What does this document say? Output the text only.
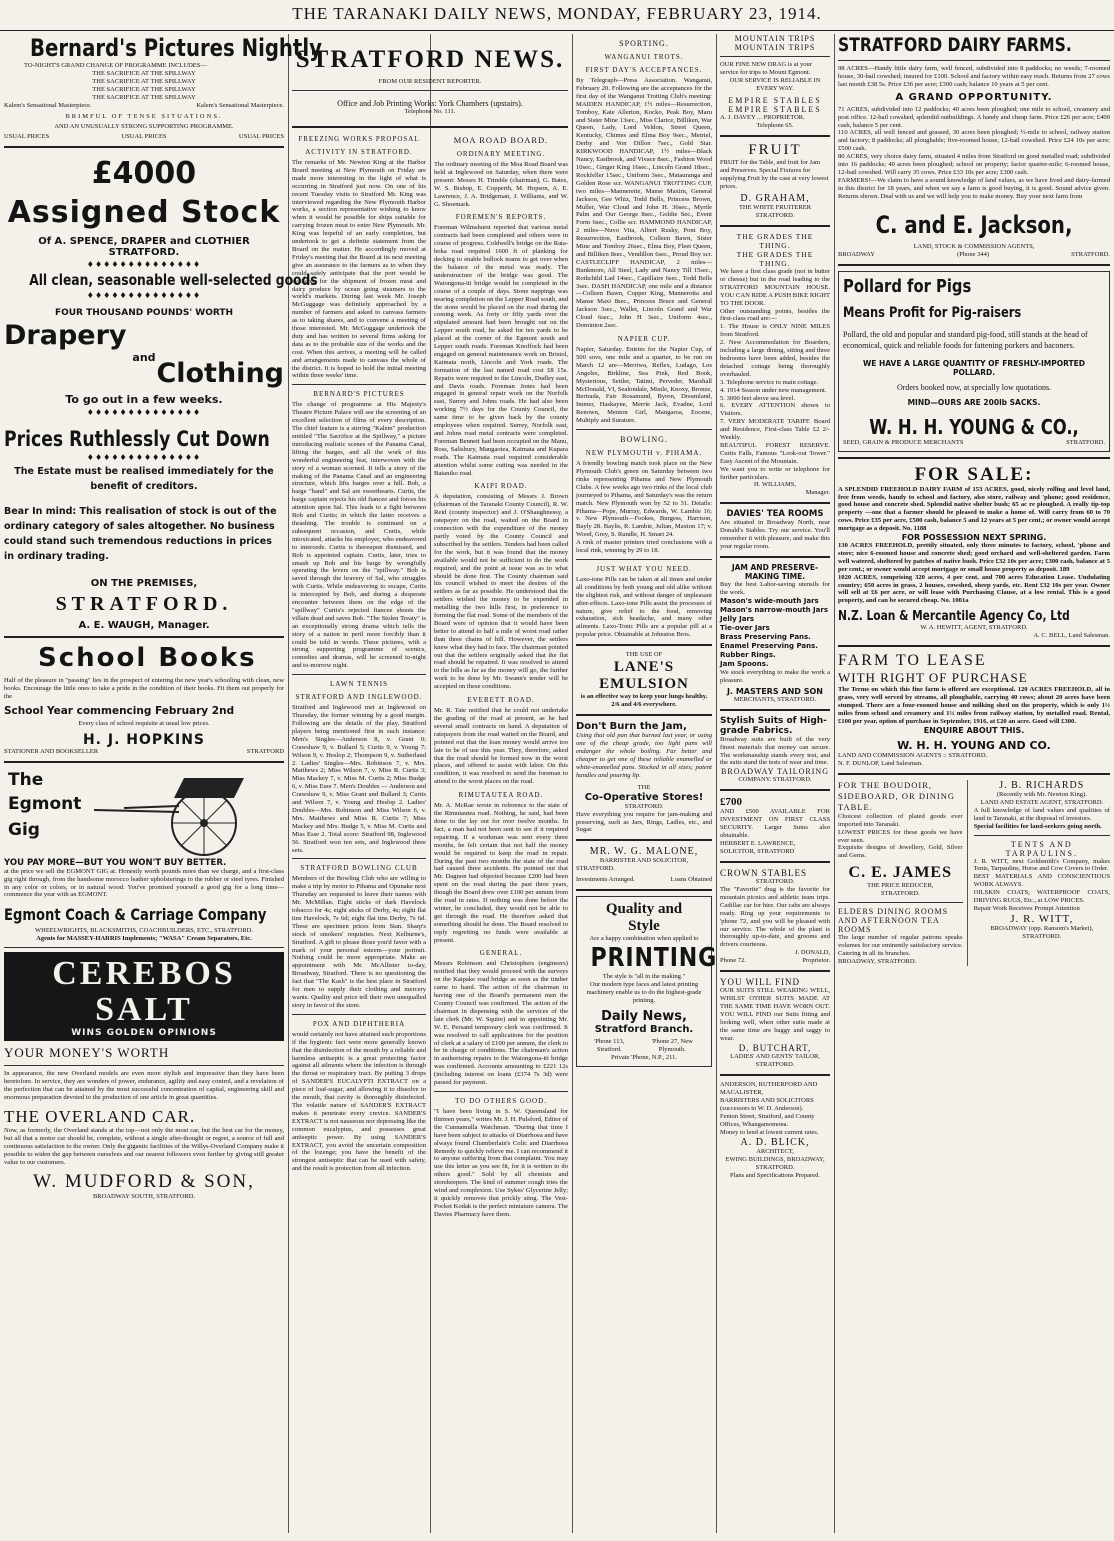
THE TARANAKI DAILY NEWS, MONDAY, FEBRUARY 23, 1914.
Bernard's Pictures Nightly
TO-NIGHT'S GRAND CHANGE OF PROGRAMME INCLUDES—
THE SACRIFICE AT THE SPILLWAY
THE SACRIFICE AT THE SPILLWAY
THE SACRIFICE AT THE SPILLWAY
THE SACRIFICE AT THE SPILLWAY
Kalem's Sensational Masterpiece.	Kalem's Sensational Masterpiece.
BRIMFUL OF TENSE SITUATIONS.
AND AN UNUSUALLY STRONG SUPPORTING PROGRAMME.
USUAL PRICES	USUAL PRICES	USUAL PRICES
£4000
Assigned Stock
Of A. SPENCE, DRAPER and CLOTHIER
STRATFORD.
♦♦♦♦♦♦♦♦♦♦♦♦♦♦
All clean, seasonable well-selected goods
♦♦♦♦♦♦♦♦♦♦♦♦♦♦
FOUR THOUSAND POUNDS' WORTH
Drapery
and
Clothing
To go out in a few weeks.
♦♦♦♦♦♦♦♦♦♦♦♦♦♦
Prices Ruthlessly Cut Down
♦♦♦♦♦♦♦♦♦♦♦♦♦♦
The Estate must be realised immediately for the benefit of creditors.
Bear In mind: This realisation of stock is out of the ordinary category of sales altogether. No business could stand such tremendous reductions in prices in ordinary trading.
ON THE PREMISES,
STRATFORD.
A. E. WAUGH, Manager.
School Books
Half of the pleasure in "passing" lies in the prospect of entering the new year's schooling with clean, new books. Encourage the little ones to take a pride in the condition of their books. Fit them out properly for the
School Year commencing February 2nd
Every class of school requisite at usual low prices.
H. J. HOPKINS
STATIONER AND BOOKSELLER	STRATFORD
The
Egmont
Gig
YOU PAY MORE—BUT YOU WON'T BUY BETTER.
at the price we sell the EGMONT GIG at. Honestly worth pounds more than we charge, and a first-class gig right through, from the handsome morocco leather upholsterings to the rubber or steel tyres. Finished in any color or colors, or in natural wood. You've promised yourself a good gig for a long time—commence the year with an EGMONT.
Egmont Coach & Carriage Company
WHEELWRIGHTS, BLACKSMITHS, COACHBUILDERS, ETC., STRATFORD.
Agents for MASSEY-HARRIS Implements; "WASA" Cream Separators, Etc.
CEREBOS SALT
WINS GOLDEN OPINIONS
YOUR MONEY'S WORTH
In appearance, the new Overland models are even more stylish and impressive than they have been heretofore. In service, they are wonders of power, endurance, agility and easy control, and a revelation of the perfection that can be attained by the most successful concentration of capital, engineering skill and enormous preparation devoted to the production of one article in great quantities.
THE OVERLAND CAR.
Now, as formerly, the Overland stands at the top—not only the most car, but the best car for the money, but all that a motor car should be, complete, without a single after-thought or regret, a source of full and continuous satisfaction to the owner. Only the gigantic facilities of the Willys-Overland Company make it possible to widen the gap between ourselves and our nearest followers even further by giving still greater value to our customers.
W. MUDFORD & SON,
BROADWAY SOUTH, STRATFORD.
STRATFORD NEWS.
FROM OUR RESIDENT REPORTER.
Office and Job Printing Works: York Chambers (upstairs).
Telephone No. 111.
FREEZING WORKS PROPOSAL
ACTIVITY IN STRATFORD.
The remarks of Mr. Newton King at the Harbor Board meeting at New Plymouth on Friday are made more interesting in the light of what is occurring in Stratford just now. On one of his recent Tuesday visits to Stratford Mr. King was interviewed regarding the New Plymouth Harbor works, a section representative wishing to know when it would be possible for ships suitable for carrying frozen meat to enter New Plymouth. Mr. King was hopeful of an early completion, but undertook to get a definite statement from the Board on the matter. He accordingly moved at Friday's meeting that the Board at its next meeting give an assurance to the farmers as to when they could safely anticipate that the port would be available for the shipment of frozen meat and dairy produce by ocean going steamers to the world's markets. During last week Mr. Joseph McGuggage was definitely approached by a number of farmers and asked to canvass farmers as to taking shares, and to convene a meeting of those interested. Mr. McGuggage undertook the duty and has written to several firms asking for data as to the probable size of the works and the cost. When this arrives, a meeting will be called and arrangements made to canvass the whole of the district. It is hoped to hold the initial meeting within three weeks' time.
BERNARD'S PICTURES
The change of programme at His Majesty's Theatre Picture Palace will see the screening of an excellent selection of films of every description. The chief feature is a stirring "Kalem" production entitled "The Sacrifice at the Spillway," a picture introducing realistic scenes of the Panama Canal, lifting the barges, and all the work of this wonderful engineering feat, interwoven with the story of a woman scorned. It tells a story of the making of the Panama Canal and an engineering structure, which lifts barges over a hill. Bob, a barge "hand" and Sal are sweethearts. Curtis, the barge captain rejects his old fiancee and forces his attention upon Sal. This leads to a fight between Bob and Curtis; in which the latter receives a thrashing. The trouble is continued on a subsequent occasion, and Curtis, while intoxicated, attacks his employer, who endeavored to intercede. Curtis is thereupon dismissed, and Bob is appointed captain. Curtis, later, tries to smash up Bob and his barge by wrongfully operating the levers on the "spillway." Bob is saved through the bravery of Sal, who struggles with Curtis. While endeavoring to escape, Curtis is intercepted by Bob, and during a desperate encounter between them on the edge of the "spillway" Curtis's rejected fiancee shoots the villain dead and saves Bob. "The Stolen Treaty" is an exceptionally strong drama which tells the story of a nation in peril more forcibly than it could be told in words. These pictures, with a strong supporting programme of scenics, comedies and dramas, will be screened to-night and to-morrow night.
LAWN TENNIS
STRATFORD AND INGLEWOOD.
Stratford and Inglewood met at Inglewood on Thursday, the former winning by a good margin. Following are the details of the play, Stratford players being mentioned first in each instance: Men's Singles—Anderson 8, v. Grant 0; Crawshaw 9, v. Bullard 5; Curtis 9, v. Young 7; Wilson 9, v. Heslop 2; Thompson 9, v. Sutherland 2. Ladies' Singles—Mrs. Robinson 7, v. Mrs. Matthews 2; Miss Wilson 7, v. Miss R. Curtis 3; Miss Mackey 7, v. Miss M. Curtis 2; Miss Budge 6, v. Miss Esse 7. Men's Doubles — Anderson and Crawshaw 9, v. Miss Grant and Bullard 3; Curtis and Wilson 7, v. Young and Heslop 2. Ladies' Doubles—Mrs. Robinson and Miss Wilson 6, v. Mrs. Matthews and Miss R. Curtis 7; Miss Mackey and Mrs. Budge 5, v. Miss M. Curtis and Miss Esse 2. Total score: Stratford 98, Inglewood 56. Stratford won ten sets, and Inglewood three sets.
STRATFORD BOWLING CLUB
Members of the Bowling Club who are willing to make a trip by motor to Pihama and Opunake next Thursday are requested to leave their names with Mr. McMillan. Eight sticks of dark Havelock tobacco for 4s; eight sticks of Derby, 4s; eight flat tins Havelock, 7s 6d; eight flat tins Derby, 7s 6d. These are specimen prices from Stan. Sharp's stock of smokers' requisites. Next Kelburne's, Stratford. A gift to please those you'd favor with a mark of your personal esteem—your portrait. Nothing could be more appropriate. Make an appointment with Mr. McAllister to-day, Broadway, Stratford. There is no questioning the fact that "The Kash" is the best place in Stratford for men to supply their clothing and mercery wants. Quality and price tell their own unequalled story in favor of the store.
POX AND DIPHTHERIA
would certainly not have attained such proportions if the hygienic fact were more generally known that the disinfection of the mouth by a reliable and harmless antiseptic is a great protecting factor against all ailments where the infection is through the throat or respiratory tract. By putting 3 drops of SANDER'S EUCALYPTI EXTRACT on a piece of loaf-sugar, and allowing it to dissolve in the mouth, that cavity is thoroughly disinfected. The volatile nature of SANDER'S EXTRACT makes it penetrate every crevice. SANDER'S EXTRACT is not nauseous nor depressing like the common eucalyptus, and possesses great antiseptic power. By using SANDER'S EXTRACT, you avoid the uncertain composition of the lozenge; you have the benefit of the strongest antiseptic that can be used with safety, and the result is protection from all infection.
MOA ROAD BOARD.
ORDINARY MEETING.
The ordinary meeting of the Moa Road Board was held at Inglewood on Saturday, when there were present: Messrs H. Trimble (chairman), G. Bates, W. S. Bishop, E. Copperth, M. Hopson, A. E. Lawrence, J. A. Bridgeman, J. Williams, and W. G. Shoemark.
FOREMEN'S REPORTS.
Foreman Wilmshurst reported that various metal contracts had been completed and others were in course of progress. Coldwell's bridge on the Rata-hoka road required 1600 ft of planking for decking to enable bullock teams to get over when the balance of the metal was ready. The understructure of the bridge was good. The Waiongona-iti bridge would be completed in the course of a couple of days. Stone nappings was nearing completion on the Lepper Road south, and the stone would be placed on the road during the coming week. As forty or fifty yards over the stipulated amount had been brought out on the Lepper south road, he asked for ten yards to be placed at the corner of the Egmont south and Lepper south roads. Foreman Knoffock had been engaged on general maintenance work on Bristol, Kaimata north, Lincoln and York roads. The formation of the last named road cost £8 15s. Repairs were required to the Lincoln, Dudley east, and Davis roads. Foreman Jones had been engaged in general repair work on the Norfolk east, Surrey and Johns roads. He had also been working 7½ days for the County Council, the same time to be given back by the county employees when required. Surrey, Norfolk east, and Johns road metal contracts were completed. Foreman Bennett had been occupied on the Manu, Ross, Salisbury, Mangaotea, Kaimata and Kupara roads. The Kaimata road required considerable attention whilst some cutting was needed in the Bataniko road.
KAIPI ROAD.
A deputation, consisting of Messrs J. Brown (chairman of the Taranaki County Council), R. W. Reid (county inspector) and J. O'Shaughnessy, a ratepayer on the road, waited on the Board in connection with the expenditure of the money partly voted by the County Council and subscribed by the settlers. Tenders had been called for the work, but it was found that the money available would not be sufficient to do the work required, and the point at issue was as to what should be done first. The County chairman said his council wished to meet the desires of the settlers as far as possible. He understood that the settlers wished the money to be expended in metalling the two hills first, in preference to forming the flat road. Some of the members of the Board were of opinion that it would have been better to attend to half a mile of worst road rather than three chains of hill. However, the settlers knew what they had to face. The chairman pointed out that the settlers originally asked that the flat road should be repaired. It was resolved to attend to the hills as far as the money will go, the further work to be done by Mr. Swann's tender will be accepted on these conditions.
EVERETT ROAD.
Mr. R. Tate notified that he could not undertake the grading of the road at present, as he had several small contracts on hand. A deputation of ratepayers from the road waited on the Board, and pointed out that the loan money would arrive too late to be of use this year. They, therefore, asked that the road should be formed now in the worst places, and offered to assist with labor. On this condition, it was resolved to send the foreman to attend to the worst places on the road.
RIMUTAUTEA ROAD.
Mr. A. McRae wrote in reference to the state of the Rimutautea road. Nothing, he said, had been done to the lay out for over twelve months. In fact, a man had not been sent to see if it required repairing. If a workman was sent every three months, he felt certain that not half the money would be required to keep the road in repair. During the past two months the state of the road had caused three accidents. He pointed out that Mr. Dagnon had objected because £200 had been spent on the road during the past three years, though the Board drew over £100 per annum from the road in rates. If nothing was done before the winter, he concluded, they would not be able to get through the road. He therefore asked that something should be done. The Board resolved to reply regretting no funds were available at present.
GENERAL.
Messrs Robinson and Christophers (engineers) notified that they would proceed with the surveys on the Kaipake road bridge as soon as the timber came to hand. The action of the chairman in having one of the Board's permanent men the County Council was confirmed. The action of the chairman in dispensing with the services of the late clerk (Mr. W. Squire) and in appointing Mr. W. E. Persand temporary clerk was confirmed. It was resolved to call applications for the position of clerk at a salary of £100 per annum, the clerk to be in charge of conditions. The chairman's action in authorising repairs to the Waiongona-iti bridge was confirmed. Accounts amounting to £221 12s (including interest on loans (£374 7s 3d) were passed for payment.
TO DO OTHERS GOOD.
"I have been living in S. W. Queensland for thirteen years," writes Mr. J. H. Pulsford, Editor of the Cunnamulla Watchman. "During that time I have been subject to attacks of Diarrhoea and have always found Chamberlain's Colic and Diarrhoea Remedy to quickly relieve me. I can recommend it to anyone suffering from that complaint. You may use this letter as you see fit, for it is written to do others good." Sold by all chemists and storekeepers. The kind of summer cough tries the wind and complexion. Use Sykes' Glycerine Jelly; it quickly removes that prickly sting. The Vest-Pocket Kodak is the perfect miniature camera. The Davies Pharmacy have them.
SPORTING.
WANGANUI TROTS.
FIRST DAY'S ACCEPTANCES.
By Telegraph—Press Association. Wanganui, February 20. Following are the acceptances for the first day of the Wanganui Trotting Club's meeting: MAIDEN HANDICAP, 1½ miles—Resurrection, Tomboy, Kate Allerton, Kocko, Peak Boy, Maru and Sister Mine 13sec., Miss Clarice, Billiken, War Queen, Lady, Lord Veldon, Street Queen, Kentucky, Chimes and Elma Boy 9sec., Metriel, Derby and Von Dillon 7sec., Gold Star. KIRKWOOD HANDICAP, 1½ miles—Black Nancy, Eastbrook, and Vivace 8sec., Fashion Wood 10sec., Ginger King 16sec., Lincoln Grand 18sec., Rockfeller 15sec., Uniform 3sec., Matauranga and Golden Rose scr. WANGANUI TROTTING CUP, two miles—Mannerette, Manse Maxim, General Jackson, Gee Whiz, Todd Bells, Princess Brown, Muller, War Cloud and John H. 36sec., Myrtle Palm and Our George 8sec., Goldie Sec., Event Form 6sec., Collie scr. HAMMOND HANDICAP, 2 miles—Nuvo Vita, Albert Rusky, Pont Boy, Resurrection, Eastbrook, Colleen Bawn, Sister Mine and Tomboy 26sec., Elma Boy, Fleet Queen, and Billiken 8sec., Vendillon 6sec., Proud Boy scr. CASTLECLIFF HANDICAP, 2 miles—Bunkmore, All Steel, Lady and Nancy Till 15sec., Rothchild Lad 14sec., Capillaire 6sec., Todd Bells 3sec. DASH HANDICAP, one mile and a distance—Colleen Bawn, Copper King, Mannerotta and Manse Maxi 8sec., Princess Bruce and General Jackson 3sec., Wallet, Lincoln Grand and War Cloud 6sec., John H 3sec., Uniform 4sec., Dominion 2sec.
NAPIER CUP.
Napier, Saturday. Entries for the Napier Cup, of 500 sovs, one mile and a quarter, to be run on March 12 are—Merriwa, Reflex, Ludago, Los Angeles, Birkline, Sea Pink, Red Book, Mysterious, Settler, Tatimi, Perveder, Marshall McDonald, VI, Sealondale, Mistle, Knoxy, Bronze, Bertrada, Fair Rosamund, Byron, Dreamland, Immer, Haskayne, Merrie Jack, Evadne, Lord Renown, Menton Girl, Mangaroa, Eocene, Multiply and Surature.
BOWLING.
NEW PLYMOUTH v. PIHAMA.
A friendly bowling match took place on the New Plymouth Club's green on Saturday between two rinks representing Pihama and New Plymouth Clubs. A few weeks ago two rinks of the local club journeyed to Pihama, and Saturday's was the return match. New Plymouth won by 52 to 31. Details: Pihama—Pope, Murray, Edwards, W. Lambie 16; v. New Plymouth—Fookes, Burgess, Harrison, Bayly 28. Baylis, R. Lambie, Julian, Maxton 17; v. Wood, Grey, S. Rundle, H. Smart 24.
A rink of master printers tried conclusions with a local rink, winning by 29 to 18.
JUST WHAT YOU NEED.
Laxo-tone Pills can be taken at all times and under all conditions by both young and old alike without the slightest risk, and without danger of unpleasant after-effects. Laxo-tone Pills assist the processes of nature, give relief to the food, removing exhaustion, sick headache, and many other ailments. Laxo-Tonic Pills are a popular pill at a popular price. Obtainable at Johnston Bros.
THE USE OF
LANE'S EMULSION
is an effective way to keep your lungs healthy.
2/6 and 4/6 everywhere.
Don't Burn the Jam,
Using that old pan that burned last year, or using one of the cheap grade, too light pans will endanger the whole boiling. Far better and cheaper to get one of these reliable enamelled or white-enamelled pans. Stocked in all sizes; patent handles and pouring lip.
THE
Co-Operative Stores!
STRATFORD.
Have everything you require for jam-making and preserving, such as Jars, Rings, Ladles, etc., and Sugar.
MR. W. G. MALONE,
BARRISTER AND SOLICITOR,
STRATFORD.
Investments Arranged.	Loans Obtained
Quality and
Style
Are a happy combination when applied to
PRINTING
The style is "all in the making."
Our modern type faces and latest printing machinery enable us to do the highest-grade printing.
Daily News,
Stratford Branch.
'Phone 113, Stratford.
'Phone 27, New Plymouth.
Private 'Phone, N.P., 211.
MOUNTAIN TRIPS
MOUNTAIN TRIPS
OUR FINE NEW DRAG is at your service for trips to Mount Egmont.
OUR SERVICE IS RELIABLE IN EVERY WAY.
EMPIRE STABLES
EMPIRE STABLES
A. J. DAVEY ... PROPRIETOR.
Telephone 65.
FRUIT
FRUIT for the Table, and fruit for Jam and Preserves. Special Fixtures for supplying Fruit by the case at very lowest prices.
D. GRAHAM,
THE WHITE FRUITERER STRATFORD.
THE GRADES THE THING.
THE GRADES THE THING.
We have a first class grade (not in butter or cheese) but in the road leading to the STRATFORD MOUNTAIN HOUSE. YOU CAN RIDE A PUSH BIKE RIGHT TO THE DOOR.
Other outstanding points, besides the first-class road are:—
1. The House is ONLY NINE MILES from Stratford.
2. New Accommodation for Boarders, including a large dining, sitting and three bedrooms have been added, besides the detached cottage being thoroughly overhauled.
3. Telephone service to main cottage.
4. 1914 Season under new management.
5. 3000 feet above sea level.
6. EVERY ATTENTION shown to Visitors.
7. VERY MODERATE TARIFF. Board and Residence, First-class Table £2 2/- Weekly.
BEAUTIFUL FOREST RESERVE. Curtis Falls, Famous "Look-out Tower." Easy Ascent of the Mountain.
We want you to write or telephone for further particulars.
H. WILLIAMS,
Manager.
DAVIES' TEA ROOMS
Are situated in Broadway North, near Donald's Stables. Try our service. You'll remember it with pleasure, and make this your regular room.
JAM AND PRESERVE-MAKING TIME.
Buy the best Labor-saving utensils for the work.
Mason's wide-mouth Jars
Mason's narrow-mouth Jars
Jelly Jars
Tie-over Jars
Brass Preserving Pans.
Enamel Preserving Pans.
Rubber Rings.
Jam Spoons.
We stock everything to make the work a pleasure.
J. MASTERS AND SON
MERCHANTS, STRATFORD.
Stylish Suits of High-grade Fabrics.
Broadway suits are built of the very finest materials that money can secure. The workmanship stands every test, and the suits stand the tests of wear and time.
BROADWAY TAILORING
COMPANY. STRATFORD.
£700
AND £500 AVAILABLE FOR INVESTMENT ON FIRST CLASS SECURITY. Larger Sums also obtainable.
HERBERT E. LAWRENCE, SOLICITOR, STRATFORD
CROWN STABLES
STRATFORD.
The "Favorite" drag is the favorite for mountain picnics and athletic team trips. Cadillac car for hire. Our cabs are always ready. Ring up your requirements to 'phone 72, and you will be pleased with our service. The whole of the plant is thoroughly up-to-date, and grooms and drivers courteous.
J. DONALD,
Phone 72.	Proprietor.
YOU WILL FIND
OUR SUITS STILL WEARING WELL, WHILST OTHER SUITS MADE AT THE SAME TIME HAVE WORN OUT. YOU WILL FIND our Suits fitting and looking well, when other suits made at the same time are baggy and saggy to wear.
D. BUTCHART,
LADIES' AND GENTS' TAILOR, STRATFORD.
ANDERSON, RUTHERFORD AND MACALISTER,
BARRISTERS AND SOLICITORS (successors to W. D. Anderson).
Fenton Street, Stratford, and County Offices, Whangamomona.
Money to lend at lowest current rates.
A. D. BLICK,
ARCHITECT,
EWING BUILDINGS, BROADWAY, STRATFORD.
Plans and Specifications Prepared.
STRATFORD DAIRY FARMS.
98 ACRES—Handy little dairy farm, well fenced, subdivided into 8 paddocks; no weeds; 7-roomed house, 30-bail cowshed; insured for £100. School and factory within easy reach. Returns from 27 cows last month £38 5s. Price £36 per acre; £300 cash; balance 10 years at 5 per cent.
A GRAND OPPORTUNITY.
71 ACRES, subdivided into 12 paddocks; 40 acres been ploughed; one mile to school, creamery and post office. 12-bail cowshed, splendid outbuildings. A handy and cheap farm. Price £26 per acre; £400 cash, balance 5 per cent.
110 ACRES, all well fenced and grassed, 30 acres been ploughed; ½-mile to school, railway station and factory; 8 paddocks; all ploughable; five-roomed house, 12-bail cowshed. Price £24 10s per acre; £500 cash.
80 ACRES, very choice dairy farm, situated 4 miles from Stratford on good metalled road; subdivided into 16 paddocks; 40 acres been ploughed; school on property; factor quarter-mile; 6-roomed house, 12-bail cowshed. Will carry 35 cows. Price £33 10s per acre; £300 cash.
FARMERS!—We claim to have a sound knowledge of land values, as we have lived and dairy-farmed in this district for 18 years, and when we say a farm is good buying, it is good. Sound advice given. Returns shown. Deal with us and we will help you to make money. Buy your next farm from
C. and E. Jackson,
LAND, STOCK & COMMISSION AGENTS,
BROADWAY	(Phone 344)	STRATFORD.
Pollard for Pigs
Means Profit for Pig-raisers
Pollard, the old and popular and standard pig-food, still stands at the head of economical, quick and reliable foods for fattening porkers and baconers.
WE HAVE A LARGE QUANTITY OF FRESHLY-IMPORTED POLLARD.
Orders booked now, at specially low quotations.
MIND—OURS ARE 200lb SACKS.
W. H. H. YOUNG & CO.,
SEED, GRAIN & PRODUCE MERCHANTS	STRATFORD.
FOR SALE:
A SPLENDID FREEHOLD DAIRY FARM of 153 ACRES, good, nicely rolling and level land, free from weeds, handy to school and factory, also store, railway and 'phone; good residence, good house and concrete shed. Splendid native shelter bush; 65 ac re ploughed. A really tip-top property —one that a farmer should be pleased to make a home of. Will carry from 60 to 70 cows. Price £35 per acre, £500 cash, balance 5 and 12 years at 5 per cent.; or owner would accept mortgage as a deposit. No. 1188
FOR POSSESSION NEXT SPRING.
130 ACRES FREEHOLD, prettily situated, only three minutes to factory, school, 'phone and store; nice 6-roomed house and concrete shed; good orchard and well-sheltered garden. Farm well watered, sheltered by patches of native bush. Price £32 10s per acre; £300 cash, balance at 5 per cent.; or owner would accept mortgage or small house property as deposit. 189
1020 ACRES, comprising 320 acres, 4 per cent, and 700 acres Education Lease. Undulating country; 650 acres in grass, 2 houses, cowshed, sheep yards, etc. Rent £32 10s per year. Owner will sell at £6 per acre, or will lease with Purchasing Clause, at a low rental. This is a good property, and can be secured cheap. No. 1001a
N.Z. Loan & Mercantile Agency Co, Ltd
W. A. HEWITT, AGENT, STRATFORD.
A. C. BELL, Land Salesman.
FARM TO LEASE
WITH RIGHT OF PURCHASE
The Terms on which this fine farm is offered are exceptional. 120 ACRES FREEHOLD, all in grass, very well served by streams, all ploughable, carrying 40 cows; about 20 acres have been stumped. There are a four-roomed house and milking shed on the property, which is only 1½ miles from school and creamery and 1½ miles from railway station, by metalled road. Rental, £100 per year, option of purchase in September, 1916, at £20 an acre. Good will £300.
ENQUIRE ABOUT THIS.
W. H. H. YOUNG AND CO.
LAND AND COMMISSION AGENTS :: STRATFORD.
N. F. DUNLOP, Land Salesman.
FOR THE BOUDOIR, SIDEBOARD, OR DINING TABLE.
Choicest collection of plated goods ever imported into Taranaki.
LOWEST PRICES for these goods we have ever seen.
Exquisite designs of Jewellery, Gold, Silver and Gems.
C. E. JAMES
THE PRICE REDUCER,
STRATFORD.
ELDERS DINING ROOMS
AND AFTERNOON TEA ROOMS
The large number of regular patrons speaks volumes for our eminently satisfactory service. Catering in all its branches.
BROADWAY, STRATFORD.
J. B. RICHARDS
(Recently with Mr. Newton King).
LAND AND ESTATE AGENT, STRATFORD.
A full knowledge of land values and qualities of land in Taranaki, at the disposal of investors.
Special facilities for land-seekers going north.
TENTS AND TARPAULINS.
J. R. WITT, next Goldsmith's Company, makes Tents, Tarpaulins, Horse and Cow Covers to Order.
BEST MATERIALS AND CONSCIENTIOUS WORK ALWAYS.
OILSKIN COATS, WATERPROOF COATS, DRIVING RUGS, Etc., at LOW PRICES.
Repair Work Receives Prompt Attention
J. R. WITT,
BROADWAY (opp. Ransom's Market), STRATFORD.
